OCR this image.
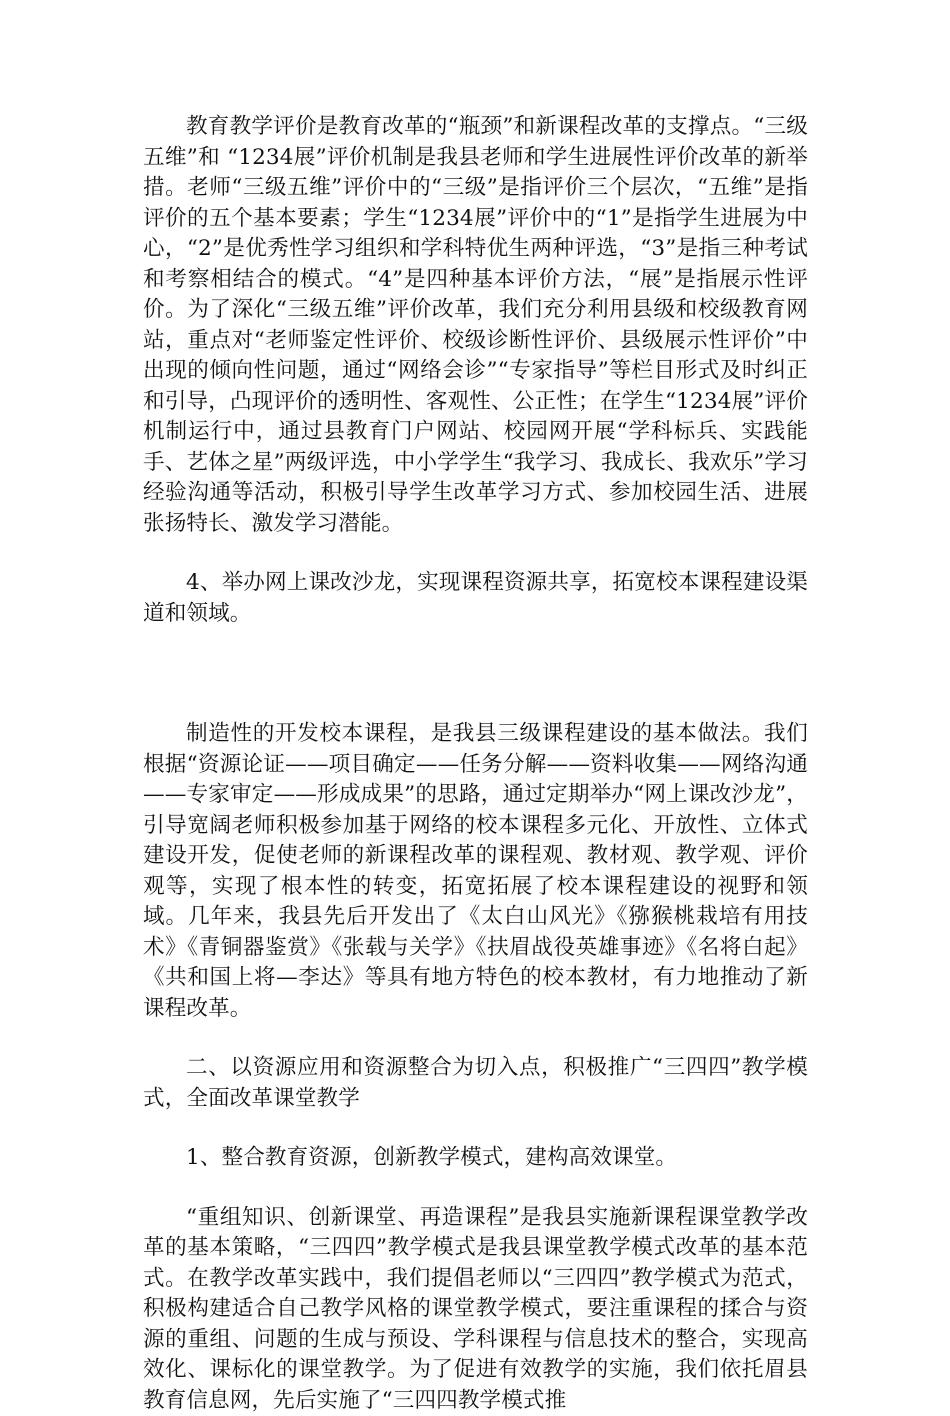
教育教学评价是教育改革的“瓶颈”和新课程改革的支撑点。“三级五维”和 “1234展”评价机制是我县老师和学生进展性评价改革的新举措。老师“三级五维”评价中的“三级”是指评价三个层次，“五维”是指评价的五个基本要素；学生“1234展”评价中的“1”是指学生进展为中心，“2”是优秀性学习组织和学科特优生两种评选，“3”是指三种考试和考察相结合的模式。“4”是四种基本评价方法，“展”是指展示性评价。为了深化“三级五维”评价改革，我们充分利用县级和校级教育网站，重点对“老师鉴定性评价、校级诊断性评价、县级展示性评价”中出现的倾向性问题，通过“网络会诊”“专家指导”等栏目形式及时纠正和引导，凸现评价的透明性、客观性、公正性；在学生“1234展”评价机制运行中，通过县教育门户网站、校园网开展“学科标兵、实践能手、艺体之星”两级评选，中小学学生“我学习、我成长、我欢乐”学习经验沟通等活动，积极引导学生改革学习方式、参加校园生活、进展张扬特长、激发学习潜能。

4、举办网上课改沙龙，实现课程资源共享，拓宽校本课程建设渠道和领域。

制造性的开发校本课程，是我县三级课程建设的基本做法。我们根据“资源论证——项目确定——任务分解——资料收集——网络沟通——专家审定——形成成果”的思路，通过定期举办“网上课改沙龙”，引导宽阔老师积极参加基于网络的校本课程多元化、开放性、立体式建设开发，促使老师的新课程改革的课程观、教材观、教学观、评价观等，实现了根本性的转变，拓宽拓展了校本课程建设的视野和领域。几年来，我县先后开发出了《太白山风光》《猕猴桃栽培有用技术》《青铜器鉴赏》《张载与关学》《扶眉战役英雄事迹》《名将白起》《共和国上将—李达》等具有地方特色的校本教材，有力地推动了新课程改革。

二、以资源应用和资源整合为切入点，积极推广“三四四”教学模式，全面改革课堂教学

1、整合教育资源，创新教学模式，建构高效课堂。

“重组知识、创新课堂、再造课程”是我县实施新课程课堂教学改革的基本策略，“三四四”教学模式是我县课堂教学模式改革的基本范式。在教学改革实践中，我们提倡老师以“三四四”教学模式为范式，积极构建适合自己教学风格的课堂教学模式，要注重课程的揉合与资源的重组、问题的生成与预设、学科课程与信息技术的整合，实现高效化、课标化的课堂教学。为了促进有效教学的实施，我们依托眉县教育信息网，先后实施了“三四四教学模式推
